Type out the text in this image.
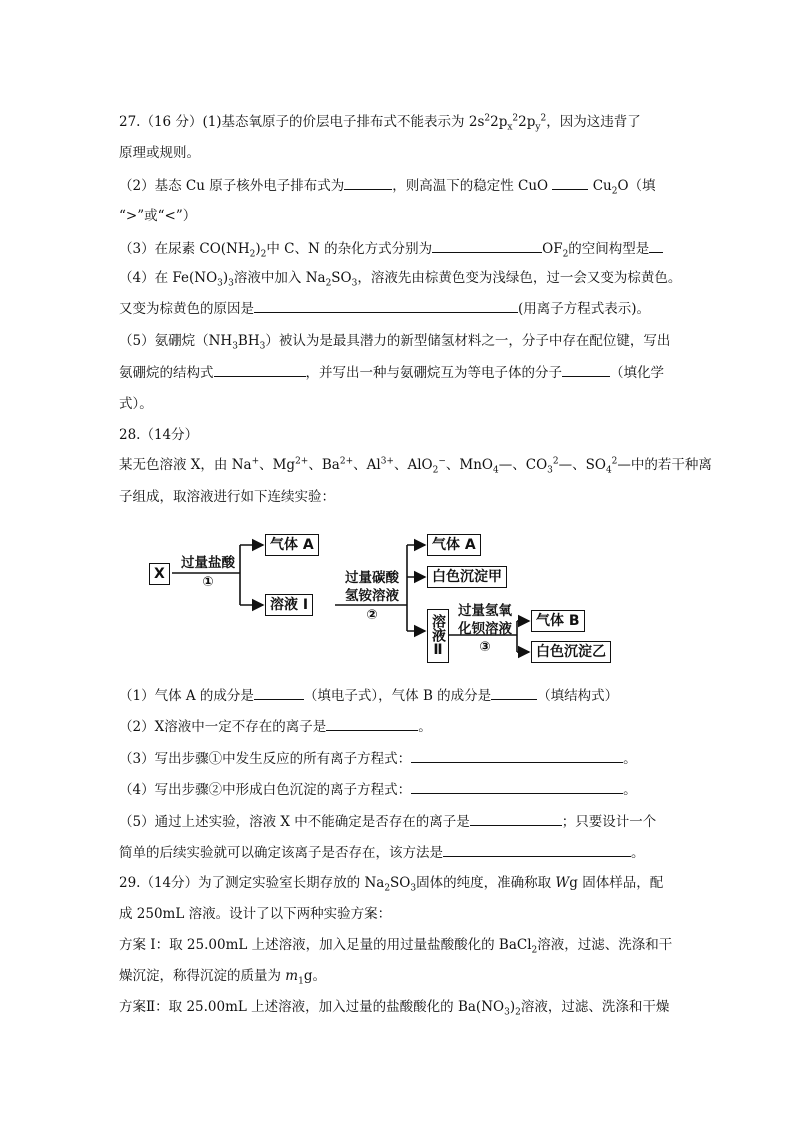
27.（16 分）(1)基态氧原子的价层电子排布式不能表示为 $2s^22p_x^22p_y^2$，因为这违背了
原理或规则。
（2）基态 Cu 原子核外电子排布式为	，则高温下的稳定性 CuO	$Cu_2O$（填
“>”或“<”）
（3）在尿素 $CO(NH_2)_2$中 C、N 的杂化方式分别为	$OF_2$的空间构型是
（4）在 $Fe(NO_3)_3$溶液中加入 $Na_2SO_3$，溶液先由棕黄色变为浅绿色，过一会又变为棕黄色。
又变为棕黄色的原因是	(用离子方程式表示)。
（5）氨硼烷$(NH_3BH_3)$被认为是最具潜力的新型储氢材料之一，分子中存在配位键，写出
氨硼烷的结构式	，并写出一种与氨硼烷互为等电子体的分子	（填化学
式）。
28.（14分）
某无色溶液 X，由 Na+、$Mg^{2+}$、$Ba^{2+}$、$Al^{3+}$、AlO$_2$−、MnO$_4$—、$CO_3^2—$、$SO_4^2—$中的若干种离
子组成，取溶液进行如下连续实验：
X
过量盐酸
①
气体 A
溶液 I
过量碳酸
氢铵溶液
②
气体 A
白色沉淀甲
溶液Ⅱ
过量氢氧
化钡溶液
③
气体 B
白色沉淀乙
（1）气体 A 的成分是	（填电子式），气体 B 的成分是	（填结构式）
（2）X溶液中一定不存在的离子是	。
（3）写出步骤①中发生反应的所有离子方程式：	。
（4）写出步骤②中形成白色沉淀的离子方程式：	。
（5）通过上述实验，溶液 X 中不能确定是否存在的离子是	；只要设计一个
简单的后续实验就可以确定该离子是否存在，该方法是	。
29.（14分）为了测定实验室长期存放的 $Na_2SO_3$固体的纯度，准确称取 Wg 固体样品，配
成 250mL 溶液。设计了以下两种实验方案：
方案 I：取 25.00mL 上述溶液，加入足量的用过量盐酸酸化的 BaCl$_2$溶液，过滤、洗涤和干
燥沉淀，称得沉淀的质量为 $m_1g$。
方案Ⅱ：取 25.00mL 上述溶液，加入过量的盐酸酸化的 $Ba(NO_3)_2$溶液，过滤、洗涤和干燥
